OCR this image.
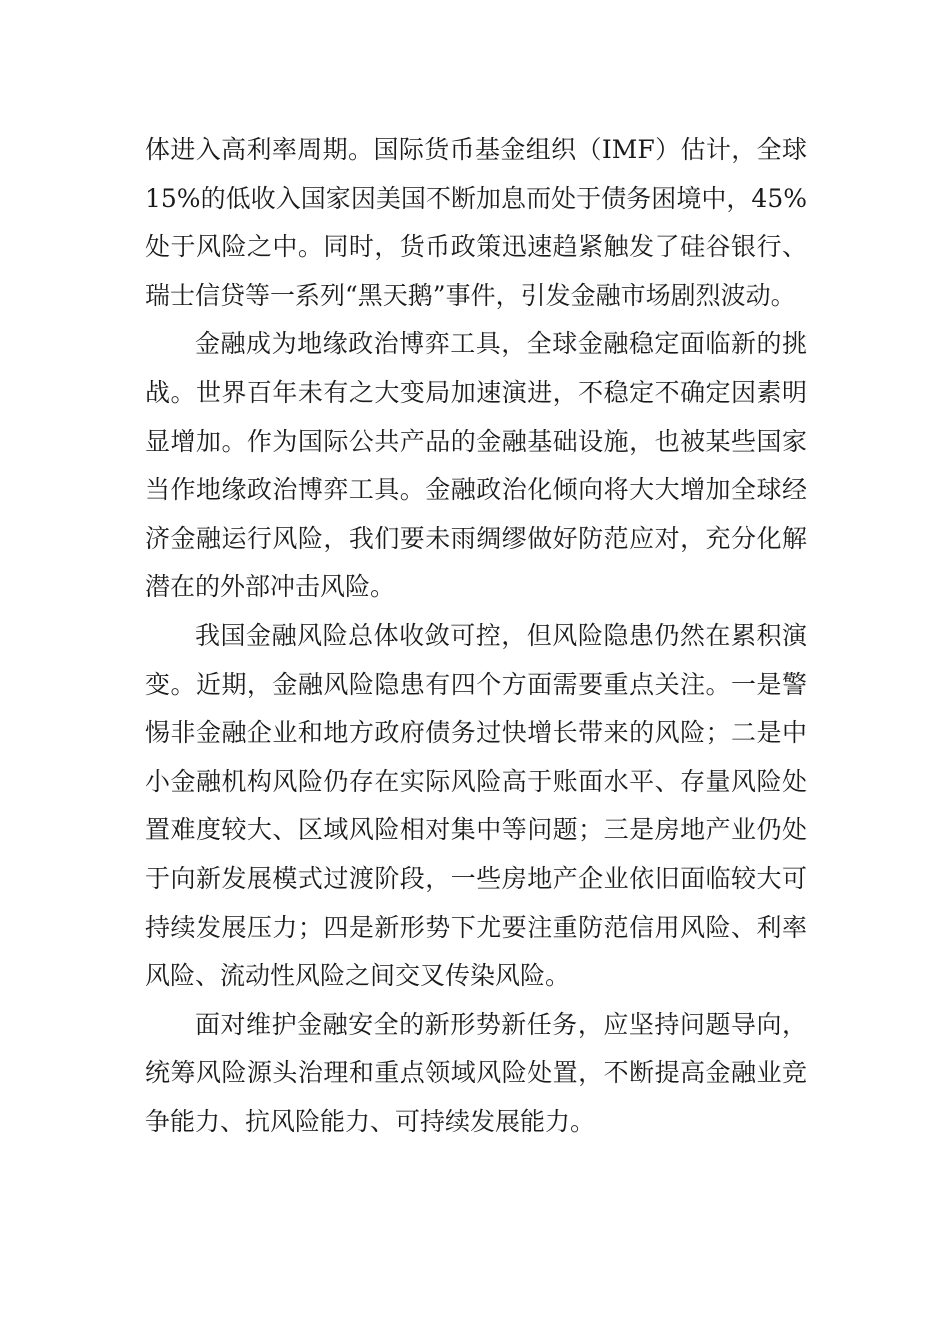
体进入高利率周期。国际货币基金组织（IMF）估计，全球15%的低收入国家因美国不断加息而处于债务困境中，45%处于风险之中。同时，货币政策迅速趋紧触发了硅谷银行、瑞士信贷等一系列“黑天鹅”事件，引发金融市场剧烈波动。

金融成为地缘政治博弈工具，全球金融稳定面临新的挑战。世界百年未有之大变局加速演进，不稳定不确定因素明显增加。作为国际公共产品的金融基础设施，也被某些国家当作地缘政治博弈工具。金融政治化倾向将大大增加全球经济金融运行风险，我们要未雨绸缪做好防范应对，充分化解潜在的外部冲击风险。

我国金融风险总体收敛可控，但风险隐患仍然在累积演变。近期，金融风险隐患有四个方面需要重点关注。一是警惕非金融企业和地方政府债务过快增长带来的风险；二是中小金融机构风险仍存在实际风险高于账面水平、存量风险处置难度较大、区域风险相对集中等问题；三是房地产业仍处于向新发展模式过渡阶段，一些房地产企业依旧面临较大可持续发展压力；四是新形势下尤要注重防范信用风险、利率风险、流动性风险之间交叉传染风险。

面对维护金融安全的新形势新任务，应坚持问题导向，统筹风险源头治理和重点领域风险处置，不断提高金融业竞争能力、抗风险能力、可持续发展能力。
